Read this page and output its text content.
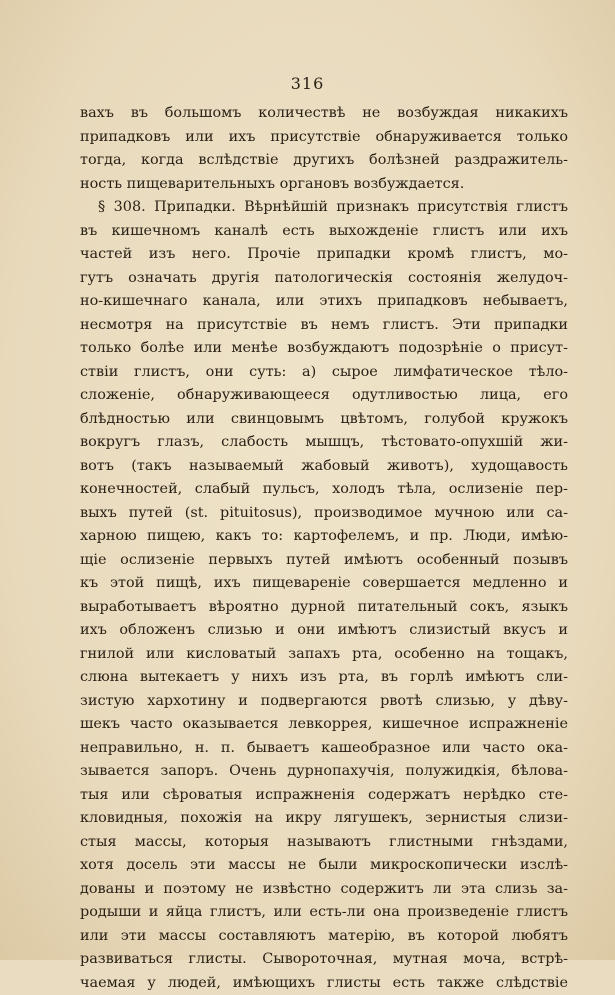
316
вахъ въ большомъ количествѣ не возбуждая никакихъ
припадковъ или ихъ присутствіе обнаруживается только
тогда, когда вслѣдствіе другихъ болѣзней раздражитель-
ность пищеварительныхъ органовъ возбуждается.
§ 308. Припадки. Вѣрнѣйшій признакъ присутствія глистъ
въ кишечномъ каналѣ есть выхожденіе глистъ или ихъ
частей изъ него. Прочіе припадки кромѣ глистъ, мо-
гутъ означать другія патологическія состоянія желудоч-
но-кишечнаго канала, или этихъ припадковъ небываетъ,
несмотря на присутствіе въ немъ глистъ. Эти припадки
только болѣе или менѣе возбуждаютъ подозрѣніе о присут-
ствіи глистъ, они суть: а) сырое лимфатическое тѣло-
сложеніе, обнаруживающееся одутливостью лица, его
блѣдностью или свинцовымъ цвѣтомъ, голубой кружокъ
вокругъ глазъ, слабость мышцъ, тѣстовато-опухшій жи-
вотъ (такъ называемый жабовый животъ), худощавость
конечностей, слабый пульсъ, холодъ тѣла, ослизеніе пер-
выхъ путей (st. pituitosus), производимое мучною или са-
харною пищею, какъ то: картофелемъ, и пр. Люди, имѣю-
щіе ослизеніе первыхъ путей имѣютъ особенный позывъ
къ этой пищѣ, ихъ пищевареніе совершается медленно и
выработываетъ вѣроятно дурной питательный сокъ, языкъ
ихъ обложенъ слизью и они имѣютъ слизистый вкусъ и
гнилой или кисловатый запахъ рта, особенно на тощакъ,
слюна вытекаетъ у нихъ изъ рта, въ горлѣ имѣютъ сли-
зистую хархотину и подвергаются рвотѣ слизью, у дѣву-
шекъ часто оказывается левкоррея, кишечное испражненіе
неправильно, н. п. бываетъ кашеобразное или часто ока-
зывается запоръ. Очень дурнопахучія, полужидкія, бѣлова-
тыя или сѣроватыя испражненія содержатъ нерѣдко сте-
кловидныя, похожія на икру лягушекъ, зернистыя слизи-
стыя массы, которыя называютъ глистными гнѣздами,
хотя досель эти массы не были микроскопически изслѣ-
дованы и поэтому не извѣстно содержитъ ли эта слизь за-
родыши и яйца глистъ, или есть-ли она произведеніе глистъ
или эти массы составляютъ матерію, въ которой любятъ
развиваться глисты. Сывороточная, мутная моча, встрѣ-
чаемая у людей, имѣющихъ глисты есть также слѣдствіе
